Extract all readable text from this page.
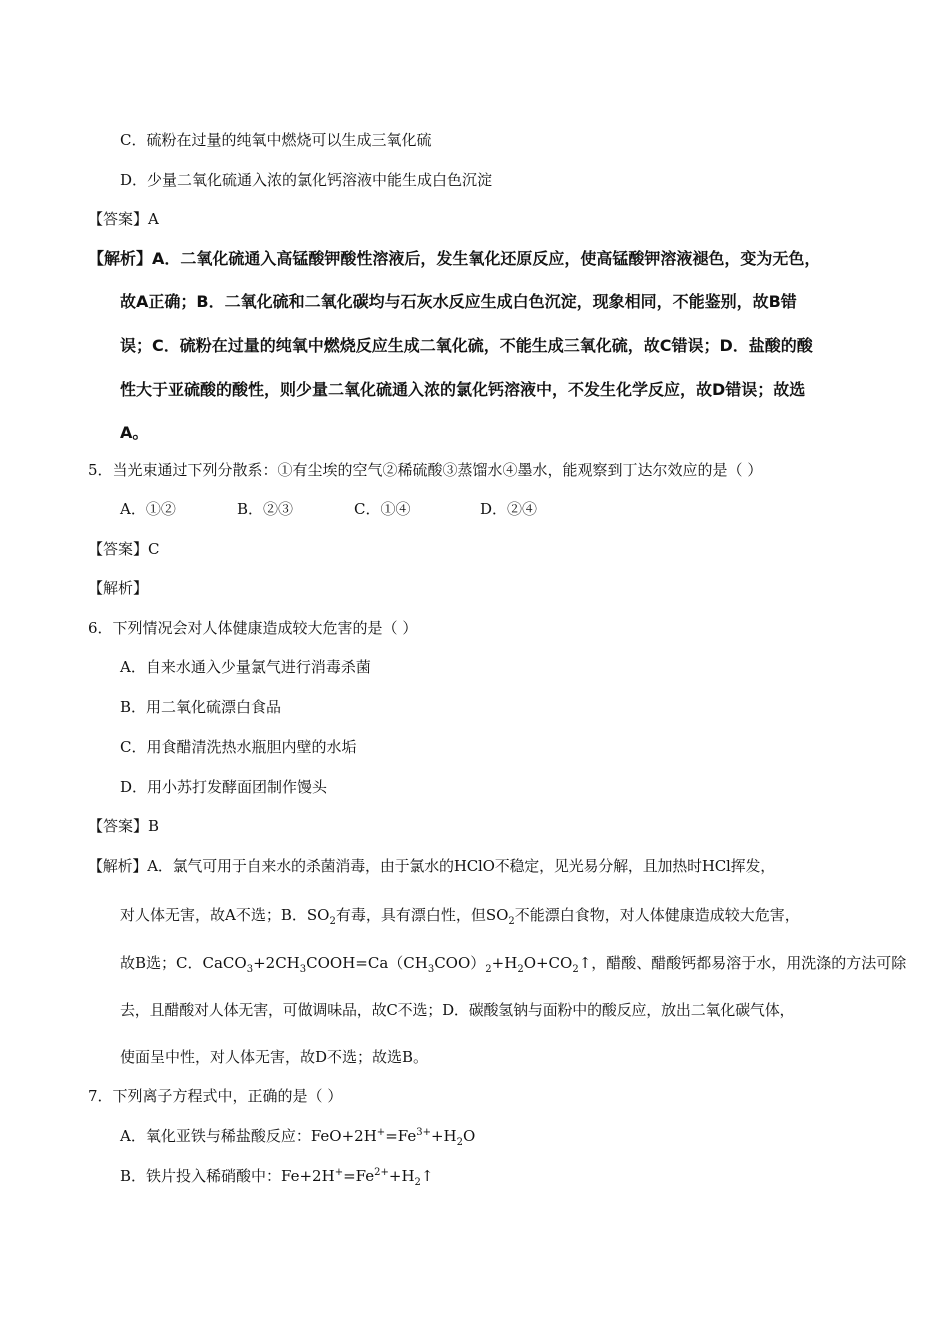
C．硫粉在过量的纯氧中燃烧可以生成三氧化硫
D．少量二氧化硫通入浓的氯化钙溶液中能生成白色沉淀
【答案】A
【解析】A．二氧化硫通入高锰酸钾酸性溶液后，发生氧化还原反应，使高锰酸钾溶液褪色，变为无色，
故A正确；B．二氧化硫和二氧化碳均与石灰水反应生成白色沉淀，现象相同，不能鉴别，故B错
误；C．硫粉在过量的纯氧中燃烧反应生成二氧化硫，不能生成三氧化硫，故C错误；D．盐酸的酸
性大于亚硫酸的酸性，则少量二氧化硫通入浓的氯化钙溶液中，不发生化学反应，故D错误；故选
A。
5．当光束通过下列分散系：①有尘埃的空气②稀硫酸③蒸馏水④墨水，能观察到丁达尔效应的是（ ）
A．①②	B．②③	C．①④	D．②④
【答案】C
【解析】
6．下列情况会对人体健康造成较大危害的是（ ）
A．自来水通入少量氯气进行消毒杀菌
B．用二氧化硫漂白食品
C．用食醋清洗热水瓶胆内壁的水垢
D．用小苏打发酵面团制作馒头
【答案】B
【解析】A．氯气可用于自来水的杀菌消毒，由于氯水的HClO不稳定，见光易分解，且加热时HCl挥发，
对人体无害，故A不选；B．$SO_2$有毒，具有漂白性，但$SO_2$不能漂白食物，对人体健康造成较大危害，
故B选；C．$CaCO_3+2CH_3COOH=Ca(CH_3COO)_2+H_2O+CO_2↑$，醋酸、醋酸钙都易溶于水，用洗涤的方法可除
去，且醋酸对人体无害，可做调味品，故C不选；D．碳酸氢钠与面粉中的酸反应，放出二氧化碳气体，
使面呈中性，对人体无害，故D不选；故选B。
7．下列离子方程式中，正确的是（ ）
A．氧化亚铁与稀盐酸反应：$FeO+2H^+=Fe^{3+}+H_2O$
B．铁片投入稀硝酸中：$Fe+2H^+=Fe^{2+}+H_2↑$
